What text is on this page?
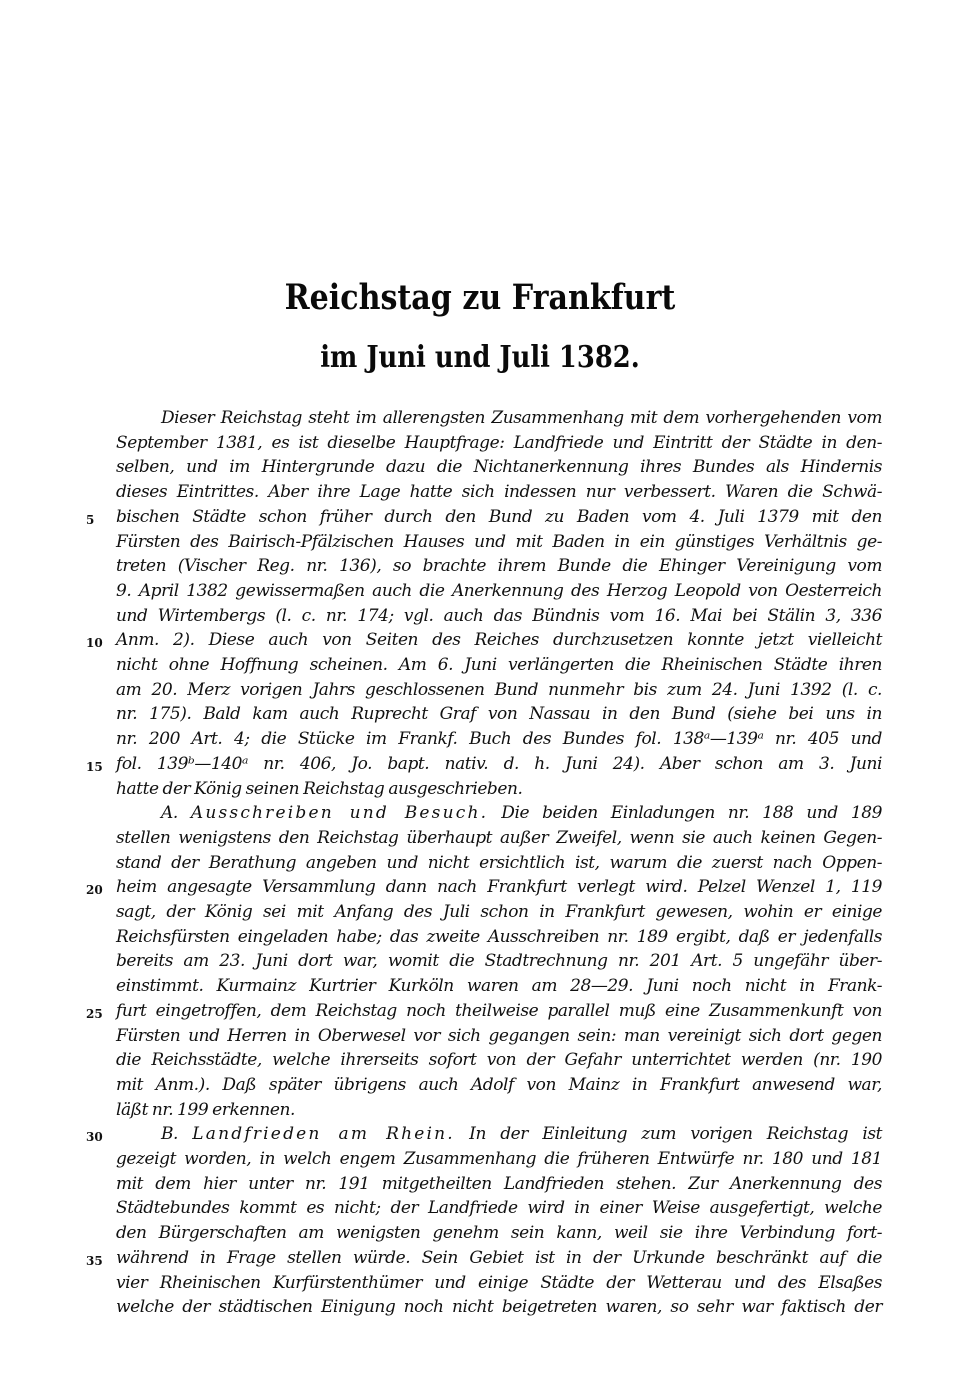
Reichstag zu Frankfurt
im Juni und Juli 1382.
Dieser Reichstag steht im allerengsten Zusammenhang mit dem vorhergehenden vom
September 1381, es ist dieselbe Hauptfrage: Landfriede und Eintritt der Städte in den-
selben, und im Hintergrunde dazu die Nichtanerkennung ihres Bundes als Hindernis
dieses Eintrittes. Aber ihre Lage hatte sich indessen nur verbessert. Waren die Schwä-
bischen Städte schon früher durch den Bund zu Baden vom 4. Juli 1379 mit den
5
Fürsten des Bairisch-Pfälzischen Hauses und mit Baden in ein günstiges Verhältnis ge-
treten (Vischer Reg. nr. 136), so brachte ihrem Bunde die Ehinger Vereinigung vom
9. April 1382 gewissermaßen auch die Anerkennung des Herzog Leopold von Oesterreich
und Wirtembergs (l. c. nr. 174; vgl. auch das Bündnis vom 16. Mai bei Stälin 3, 336
Anm. 2). Diese auch von Seiten des Reiches durchzusetzen konnte jetzt vielleicht
10
nicht ohne Hoffnung scheinen. Am 6. Juni verlängerten die Rheinischen Städte ihren
am 20. Merz vorigen Jahrs geschlossenen Bund nunmehr bis zum 24. Juni 1392 (l. c.
nr. 175). Bald kam auch Ruprecht Graf von Nassau in den Bund (siehe bei uns in
nr. 200 Art. 4; die Stücke im Frankf. Buch des Bundes fol. 138ᵃ—139ᵃ nr. 405 und
fol. 139ᵇ—140ᵃ nr. 406, Jo. bapt. nativ. d. h. Juni 24). Aber schon am 3. Juni
15
hatte der König seinen Reichstag ausgeschrieben.
A. Ausschreiben und Besuch. Die beiden Einladungen nr. 188 und 189
stellen wenigstens den Reichstag überhaupt außer Zweifel, wenn sie auch keinen Gegen-
stand der Berathung angeben und nicht ersichtlich ist, warum die zuerst nach Oppen-
heim angesagte Versammlung dann nach Frankfurt verlegt wird. Pelzel Wenzel 1, 119
20
sagt, der König sei mit Anfang des Juli schon in Frankfurt gewesen, wohin er einige
Reichsfürsten eingeladen habe; das zweite Ausschreiben nr. 189 ergibt, daß er jedenfalls
bereits am 23. Juni dort war, womit die Stadtrechnung nr. 201 Art. 5 ungefähr über-
einstimmt. Kurmainz Kurtrier Kurköln waren am 28—29. Juni noch nicht in Frank-
furt eingetroffen, dem Reichstag noch theilweise parallel muß eine Zusammenkunft von
25
Fürsten und Herren in Oberwesel vor sich gegangen sein: man vereinigt sich dort gegen
die Reichsstädte, welche ihrerseits sofort von der Gefahr unterrichtet werden (nr. 190
mit Anm.). Daß später übrigens auch Adolf von Mainz in Frankfurt anwesend war,
läßt nr. 199 erkennen.
B. Landfrieden am Rhein. In der Einleitung zum vorigen Reichstag ist
30
gezeigt worden, in welch engem Zusammenhang die früheren Entwürfe nr. 180 und 181
mit dem hier unter nr. 191 mitgetheilten Landfrieden stehen. Zur Anerkennung des
Städtebundes kommt es nicht; der Landfriede wird in einer Weise ausgefertigt, welche
den Bürgerschaften am wenigsten genehm sein kann, weil sie ihre Verbindung fort-
während in Frage stellen würde. Sein Gebiet ist in der Urkunde beschränkt auf die
35
vier Rheinischen Kurfürstenthümer und einige Städte der Wetterau und des Elsaßes
welche der städtischen Einigung noch nicht beigetreten waren, so sehr war faktisch der
